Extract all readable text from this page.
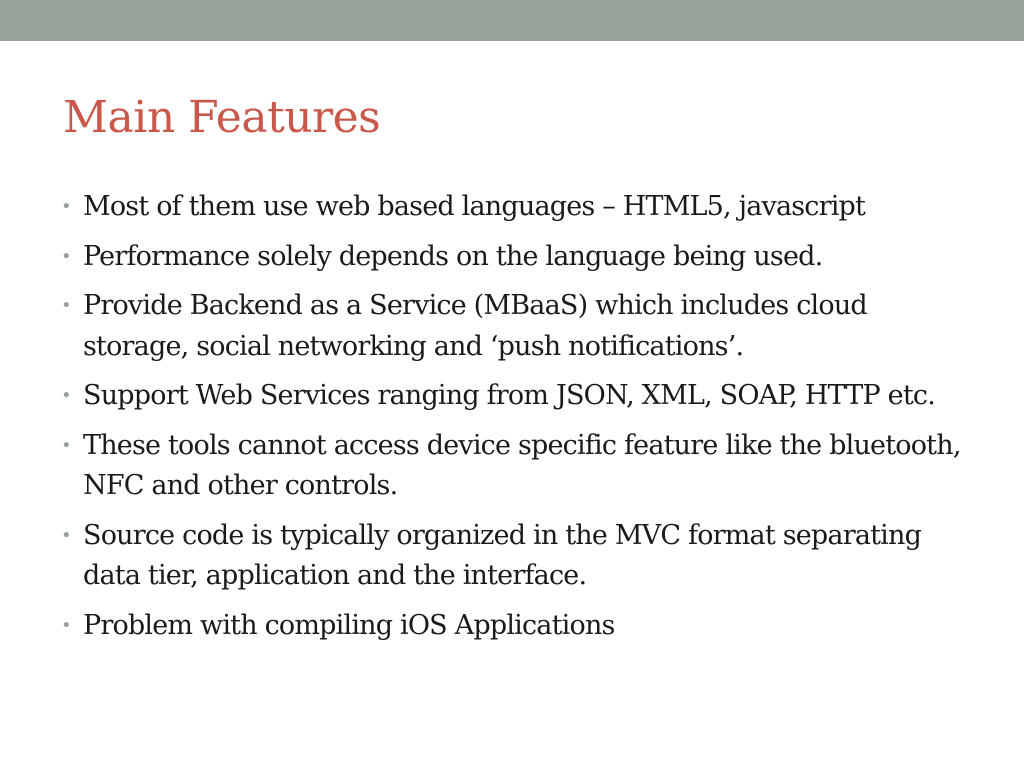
Main Features
• Most of them use web based languages – HTML5, javascript
• Performance solely depends on the language being used.
• Provide Backend as a Service (MBaaS) which includes cloud storage, social networking and ‘push notifications’.
• Support Web Services ranging from JSON, XML, SOAP, HTTP etc.
• These tools cannot access device specific feature like the bluetooth, NFC and other controls.
• Source code is typically organized in the MVC format separating data tier, application and the interface.
• Problem with compiling iOS Applications
